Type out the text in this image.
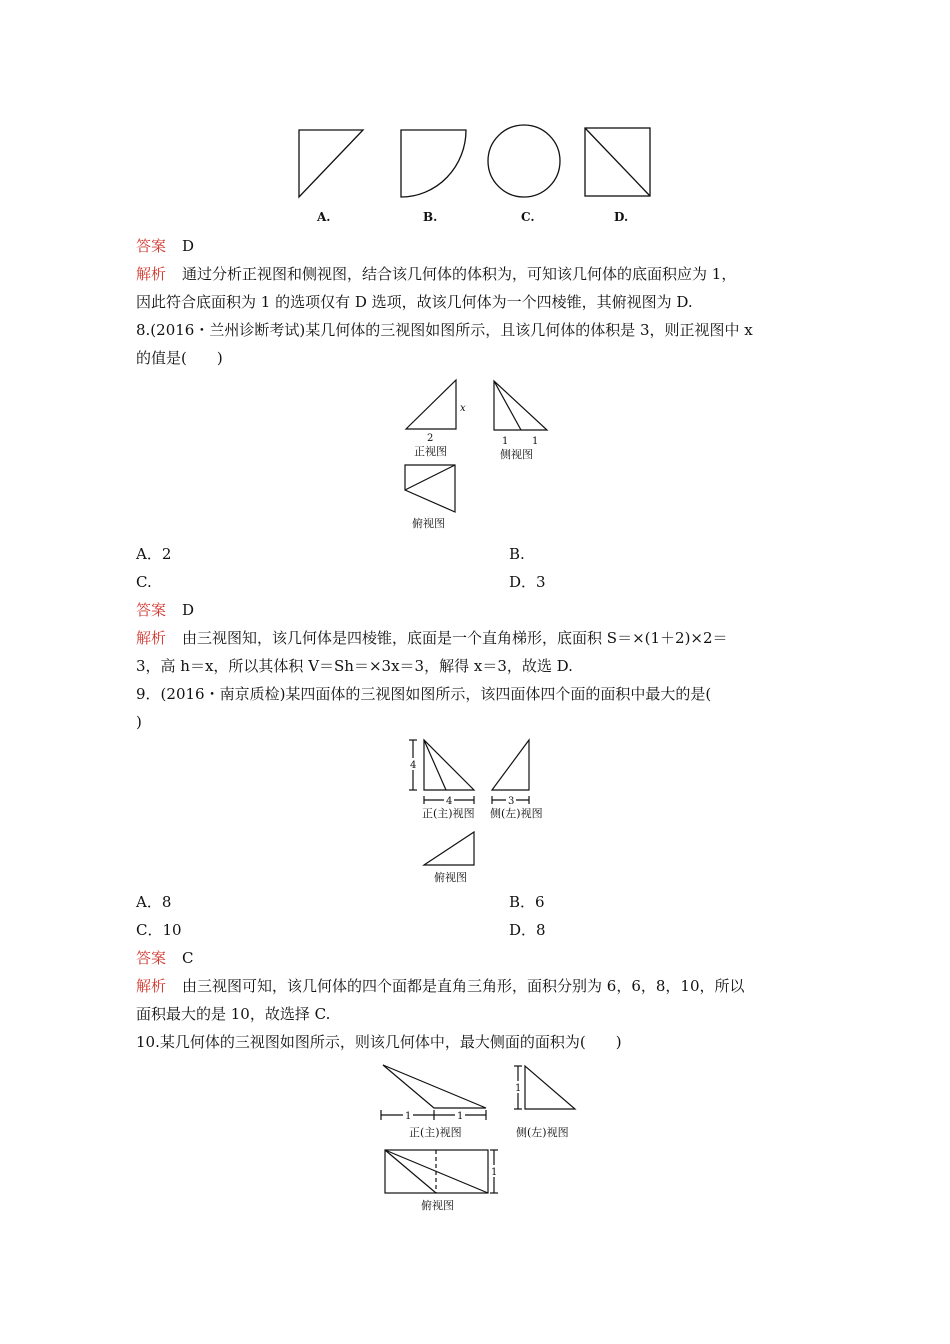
A.	B.	C.	D.
答案 D
解析 通过分析正视图和侧视图，结合该几何体的体积为，可知该几何体的底面积应为 1，
因此符合底面积为 1 的选项仅有 D 选项，故该几何体为一个四棱锥，其俯视图为 D.
8.(2016・兰州诊断考试)某几何体的三视图如图所示，且该几何体的体积是 3，则正视图中 x
的值是(　　)
x
2
正视图
1 1
侧视图
俯视图
A．2	B.
C.	D．3
答案 D
解析 由三视图知，该几何体是四棱锥，底面是一个直角梯形，底面积 S＝×(1＋2)×2＝
3，高 h＝x，所以其体积 V＝Sh＝×3x＝3，解得 x＝3，故选 D.
9．(2016・南京质检)某四面体的三视图如图所示，该四面体四个面的面积中最大的是(
)
4
4	3
正(主)视图 侧(左)视图
俯视图
A．8	B．6
C．10	D．8
答案 C
解析 由三视图可知，该几何体的四个面都是直角三角形，面积分别为 6，6，8，10，所以
面积最大的是 10，故选择 C.
10.某几何体的三视图如图所示，则该几何体中，最大侧面的面积为(　　)
1	1
1
1
正(主)视图	侧(左)视图
俯视图
